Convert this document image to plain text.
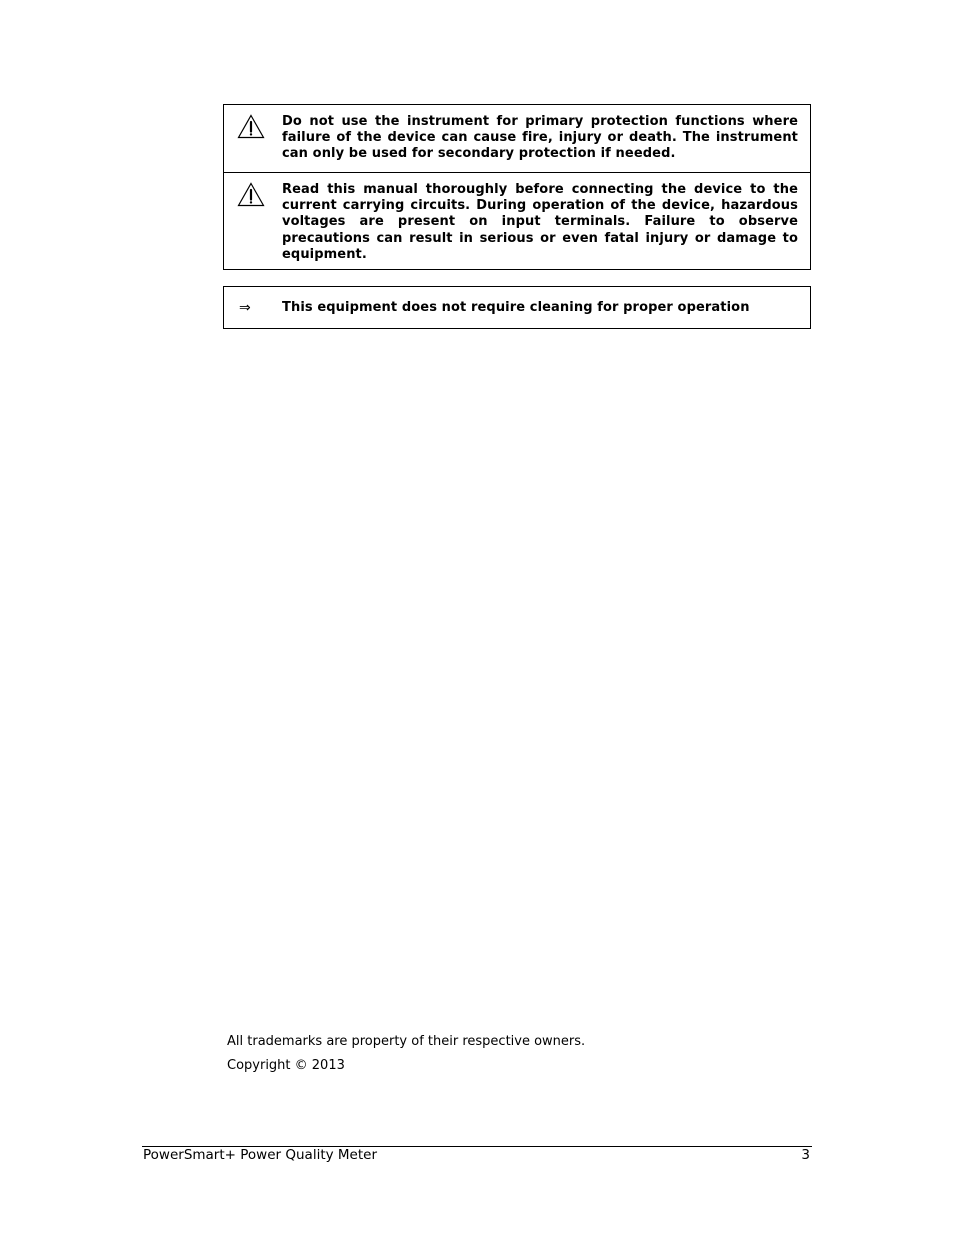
Do not use the instrument for primary protection functions where failure of the device can cause fire, injury or death. The instrument can only be used for secondary protection if needed.
Read this manual thoroughly before connecting the device to the current carrying circuits. During operation of the device, hazardous voltages are present on input terminals. Failure to observe precautions can result in serious or even fatal injury or damage to equipment.
⇒	This equipment does not require cleaning for proper operation
All trademarks are property of their respective owners.
Copyright © 2013
PowerSmart+ Power Quality Meter	3
